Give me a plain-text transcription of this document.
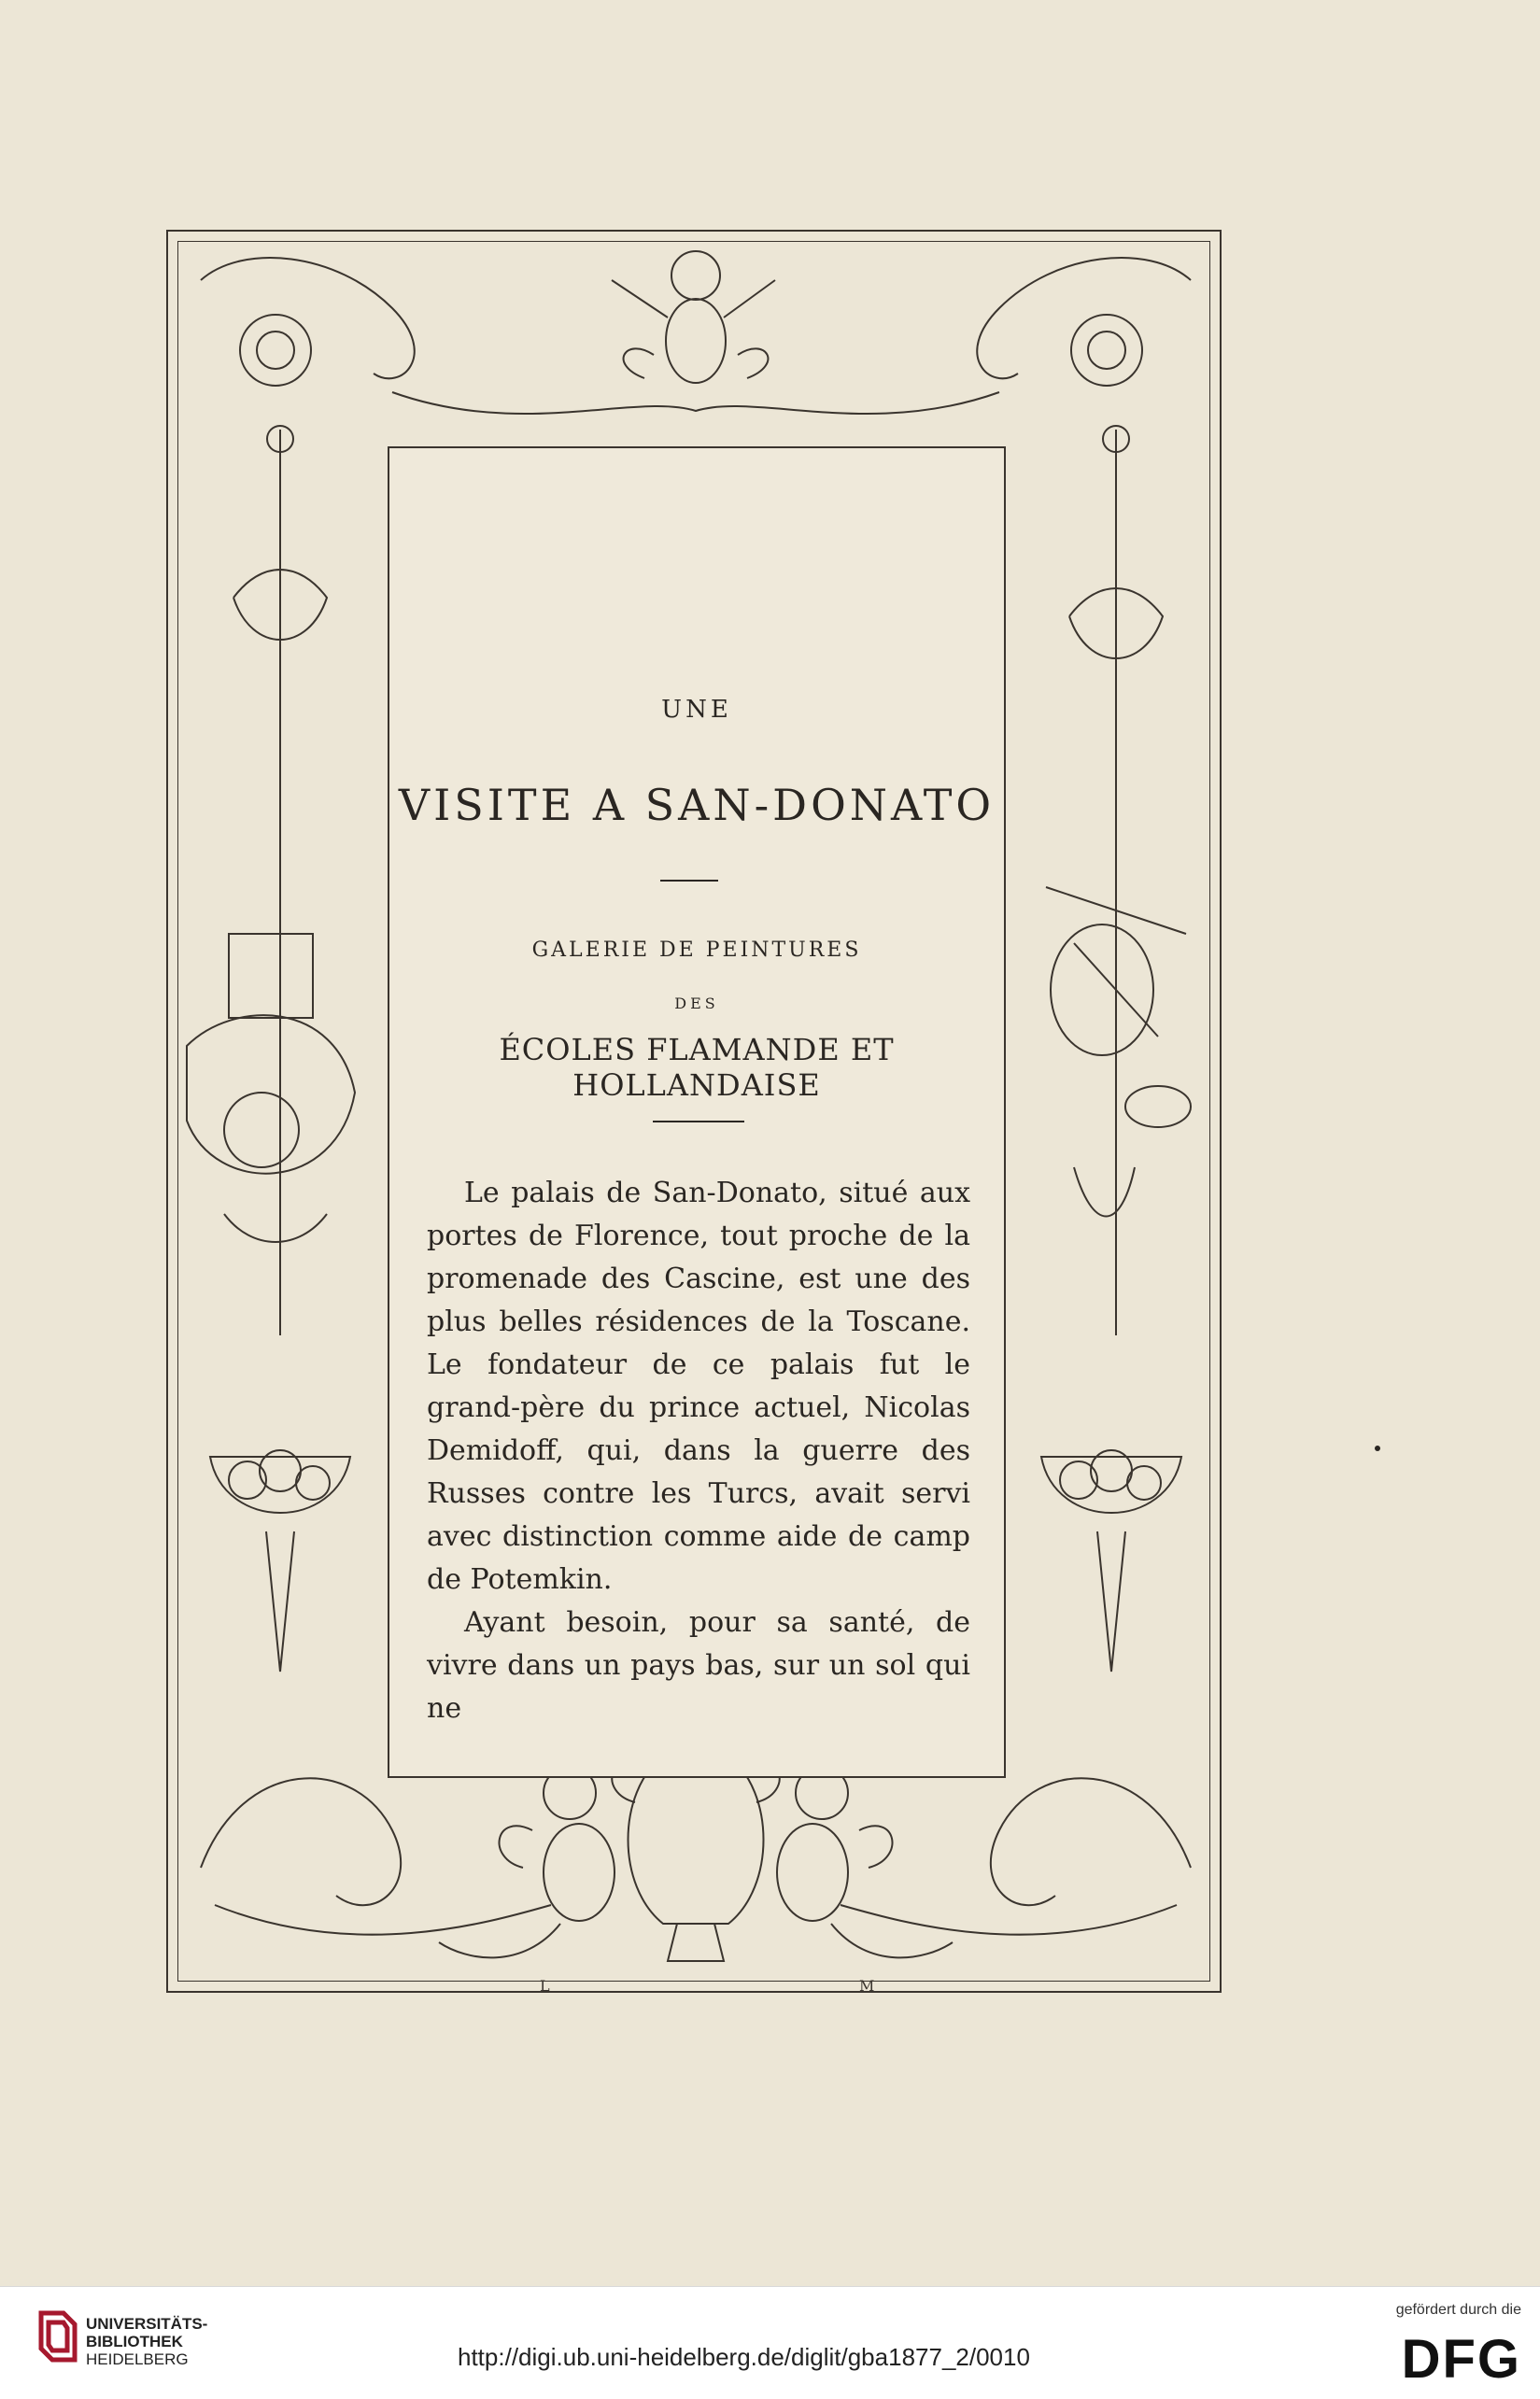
L	M
UNE
VISITE A SAN-DONATO
GALERIE DE PEINTURES
DES
ÉCOLES FLAMANDE ET HOLLANDAISE

Le palais de San-Donato, situé aux portes de Florence, tout proche de la promenade des Cascine, est une des plus belles résidences de la Toscane. Le fondateur de ce palais fut le grand-père du prince actuel, Nicolas Demidoff, qui, dans la guerre des Russes contre les Turcs, avait servi avec distinction comme aide de camp de Potemkin.

Ayant besoin, pour sa santé, de vivre dans un pays bas, sur un sol qui ne

UNIVERSITÄTS-
BIBLIOTHEK
HEIDELBERG	http://digi.ub.uni-heidelberg.de/diglit/gba1877_2/0010
gefördert durch die
DFG
